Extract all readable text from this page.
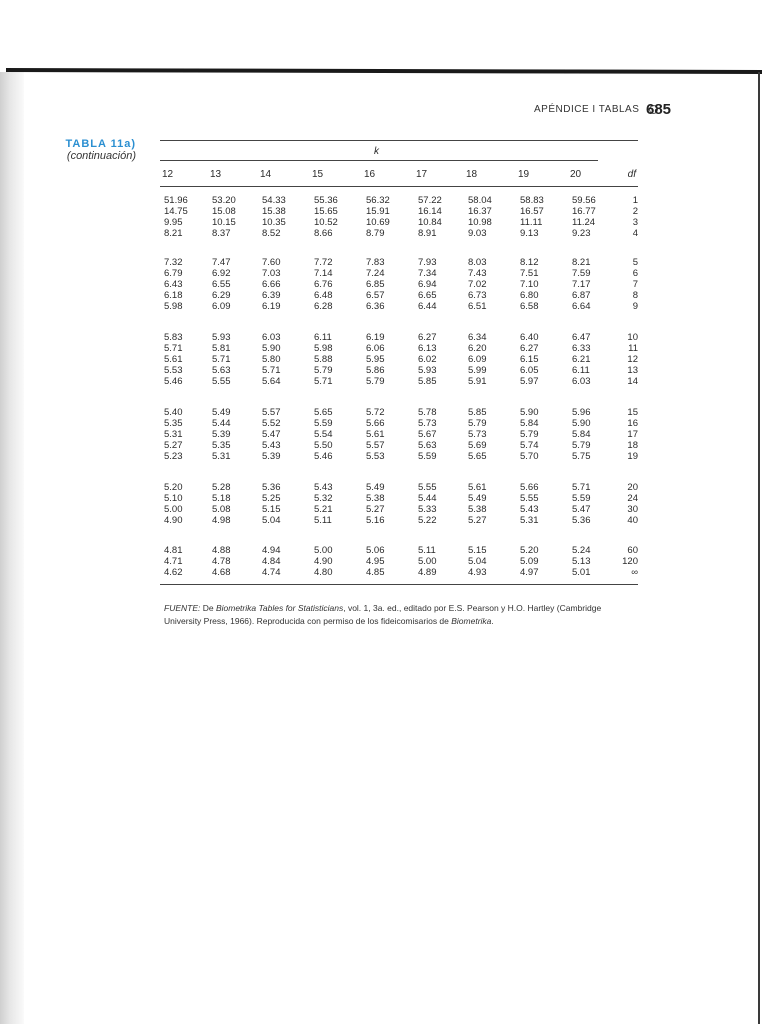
APÉNDICE I TABLAS 685
TABLA 11a)
(continuación)	k
12	13	14	15	16	17	18	19	20	df
51.96	53.20	54.33	55.36	56.32	57.22	58.04	58.83	59.56	1
14.75	15.08	15.38	15.65	15.91	16.14	16.37	16.57	16.77	2
9.95	10.15	10.35	10.52	10.69	10.84	10.98	11.11	11.24	3
8.21	8.37	8.52	8.66	8.79	8.91	9.03	9.13	9.23	4
7.32	7.47	7.60	7.72	7.83	7.93	8.03	8.12	8.21	5
6.79	6.92	7.03	7.14	7.24	7.34	7.43	7.51	7.59	6
6.43	6.55	6.66	6.76	6.85	6.94	7.02	7.10	7.17	7
6.18	6.29	6.39	6.48	6.57	6.65	6.73	6.80	6.87	8
5.98	6.09	6.19	6.28	6.36	6.44	6.51	6.58	6.64	9
5.83	5.93	6.03	6.11	6.19	6.27	6.34	6.40	6.47	10
5.71	5.81	5.90	5.98	6.06	6.13	6.20	6.27	6.33	11
5.61	5.71	5.80	5.88	5.95	6.02	6.09	6.15	6.21	12
5.53	5.63	5.71	5.79	5.86	5.93	5.99	6.05	6.11	13
5.46	5.55	5.64	5.71	5.79	5.85	5.91	5.97	6.03	14
5.40	5.49	5.57	5.65	5.72	5.78	5.85	5.90	5.96	15
5.35	5.44	5.52	5.59	5.66	5.73	5.79	5.84	5.90	16
5.31	5.39	5.47	5.54	5.61	5.67	5.73	5.79	5.84	17
5.27	5.35	5.43	5.50	5.57	5.63	5.69	5.74	5.79	18
5.23	5.31	5.39	5.46	5.53	5.59	5.65	5.70	5.75	19
5.20	5.28	5.36	5.43	5.49	5.55	5.61	5.66	5.71	20
5.10	5.18	5.25	5.32	5.38	5.44	5.49	5.55	5.59	24
5.00	5.08	5.15	5.21	5.27	5.33	5.38	5.43	5.47	30
4.90	4.98	5.04	5.11	5.16	5.22	5.27	5.31	5.36	40
4.81	4.88	4.94	5.00	5.06	5.11	5.15	5.20	5.24	60
4.71	4.78	4.84	4.90	4.95	5.00	5.04	5.09	5.13	120
4.62	4.68	4.74	4.80	4.85	4.89	4.93	4.97	5.01	∞
FUENTE: De Biometrika Tables for Statisticians, vol. 1, 3a. ed., editado por E.S. Pearson y H.O. Hartley (Cambridge University Press, 1966). Reproducida con permiso de los fideicomisarios de Biometrika.
